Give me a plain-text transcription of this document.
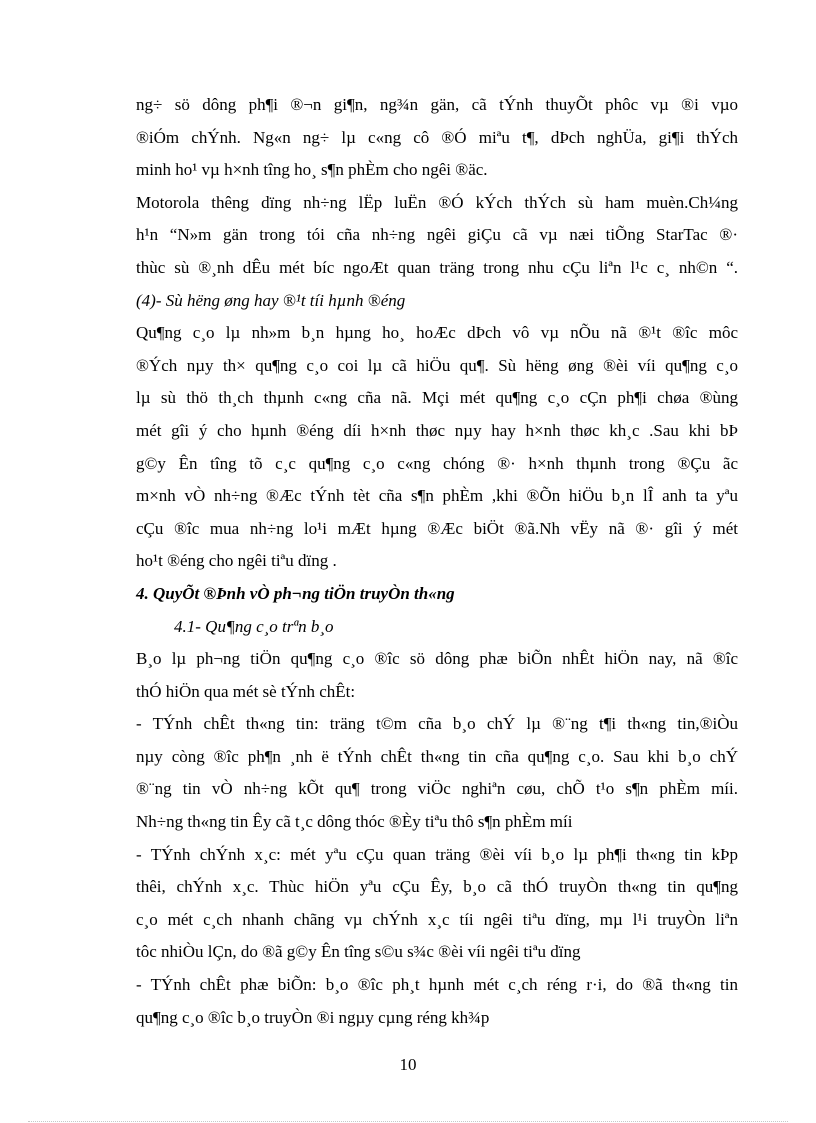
ng÷ sö dông ph¶i ®¬n gi¶n, ng¾n gän, cã tÝnh thuyÕt phôc vµ ®i vµo

®iÓm chÝnh. Ng«n ng÷ lµ c«ng cô ®Ó miªu t¶, dÞch nghÜa, gi¶i thÝch

minh ho¹ vµ h×nh tîng ho¸ s¶n phÈm cho ngêi ®äc.

Motorola thêng dïng nh÷ng lËp luËn ®Ó kÝch thÝch sù ham muèn.Ch¼ng

h¹n “N»m gän trong tói cña nh÷ng ngêi giÇu cã vµ næi tiÕng StarTac ®·

thùc sù ®¸nh dÊu mét bíc ngoÆt quan träng trong nhu cÇu liªn l¹c c¸ nh©n “.

(4)- Sù hëng øng hay ®¹t tíi hµnh ®éng

Qu¶ng c¸o lµ nh»m b¸n hµng ho¸ hoÆc dÞch vô vµ nÕu nã ®¹t ®îc môc

®Ých nµy th× qu¶ng c¸o coi lµ cã hiÖu qu¶. Sù hëng øng ®èi víi qu¶ng c¸o

lµ sù thö th¸ch thµnh c«ng cña nã. Mçi mét qu¶ng c¸o cÇn ph¶i chøa ®ùng

mét gîi ý cho hµnh ®éng díi h×nh thøc nµy hay h×nh thøc kh¸c .Sau khi bÞ

g©y Ên tîng tõ c¸c qu¶ng c¸o c«ng chóng ®· h×nh thµnh trong ®Çu ãc

m×nh vÒ nh÷ng ®Æc tÝnh tèt cña s¶n phÈm ,khi ®Õn hiÖu b¸n lÎ anh ta yªu

cÇu ®îc mua nh÷ng lo¹i mÆt hµng ®Æc biÖt ®ã.Nh vËy nã ®· gîi ý mét

ho¹t ®éng cho ngêi tiªu dïng .

4. QuyÕt ®Þnh vÒ ph¬ng tiÖn truyÒn th«ng

4.1- Qu¶ng c¸o trªn b¸o

B¸o lµ ph¬ng tiÖn qu¶ng c¸o ®îc sö dông phæ biÕn nhÊt hiÖn nay, nã ®îc

thÓ hiÖn qua mét sè tÝnh chÊt:

- TÝnh chÊt th«ng tin: träng t©m cña b¸o chÝ lµ ®¨ng t¶i th«ng tin,®iÒu

nµy còng ®îc ph¶n ¸nh ë tÝnh chÊt th«ng tin cña qu¶ng c¸o. Sau khi b¸o chÝ

®¨ng tin vÒ nh÷ng kÕt qu¶ trong viÖc nghiªn cøu, chÕ t¹o s¶n phÈm míi.

Nh÷ng th«ng tin Êy cã t¸c dông thóc ®Èy tiªu thô s¶n phÈm míi

- TÝnh chÝnh x¸c: mét yªu cÇu quan träng ®èi víi b¸o lµ ph¶i th«ng tin kÞp

thêi, chÝnh x¸c. Thùc hiÖn yªu cÇu Êy, b¸o cã thÓ truyÒn th«ng tin qu¶ng

c¸o mét c¸ch nhanh chãng vµ chÝnh x¸c tíi ngêi tiªu dïng, mµ l¹i truyÒn liªn

tôc nhiÒu lÇn, do ®ã g©y Ên tîng s©u s¾c ®èi víi ngêi tiªu dïng

- TÝnh chÊt phæ biÕn: b¸o ®îc ph¸t hµnh mét c¸ch réng r·i, do ®ã th«ng tin

qu¶ng c¸o ®îc b¸o truyÒn ®i ngµy cµng réng kh¾p

10
